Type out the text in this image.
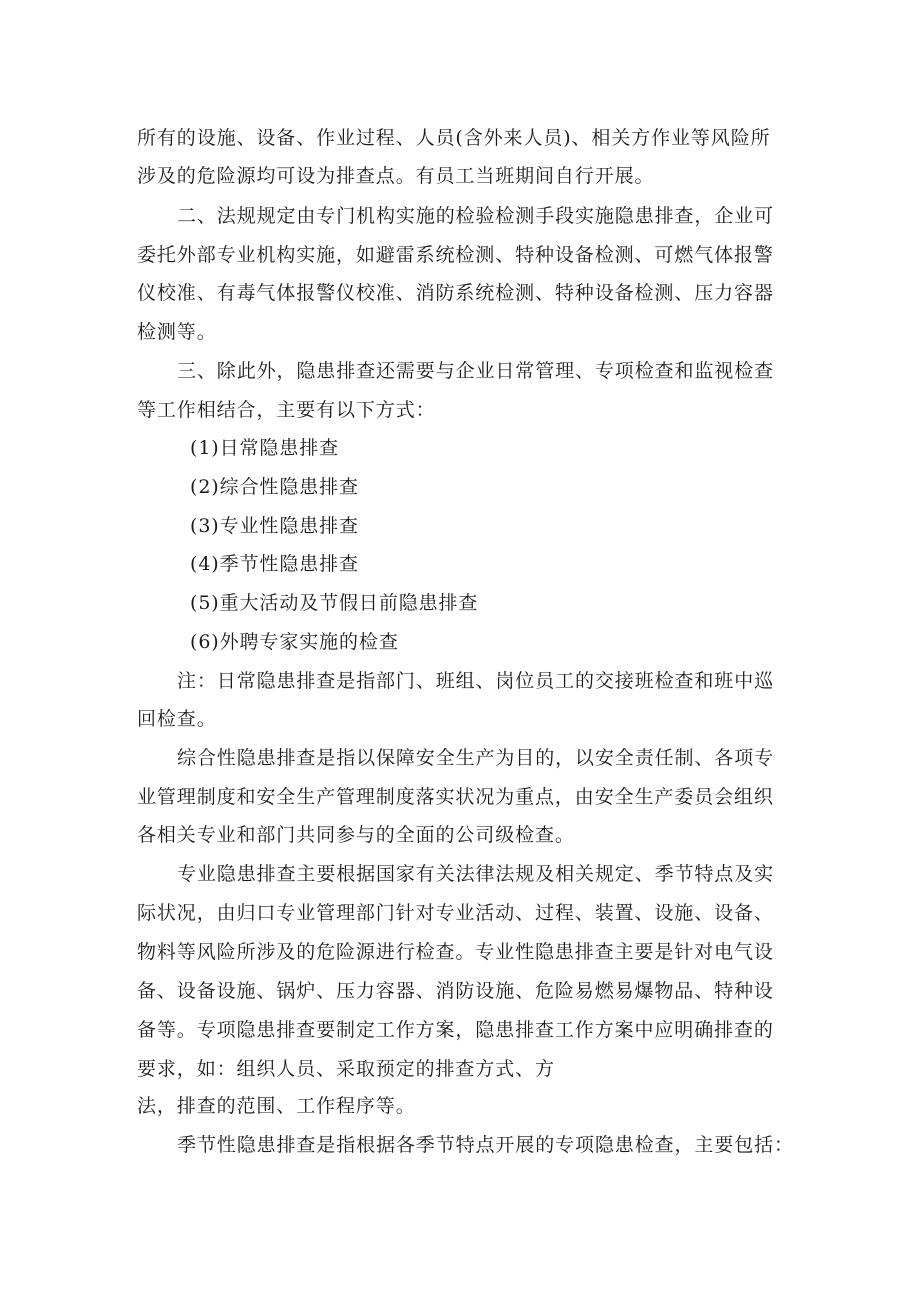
所有的设施、设备、作业过程、人员(含外来人员)、相关方作业等风险所
涉及的危险源均可设为排查点。有员工当班期间自行开展。
二、法规规定由专门机构实施的检验检测手段实施隐患排查，企业可
委托外部专业机构实施，如避雷系统检测、特种设备检测、可燃气体报警
仪校准、有毒气体报警仪校准、消防系统检测、特种设备检测、压力容器
检测等。
三、除此外，隐患排查还需要与企业日常管理、专项检查和监视检查
等工作相结合，主要有以下方式：
(1)日常隐患排查
(2)综合性隐患排查
(3)专业性隐患排查
(4)季节性隐患排查
(5)重大活动及节假日前隐患排查
(6)外聘专家实施的检查
注：日常隐患排查是指部门、班组、岗位员工的交接班检查和班中巡
回检查。
综合性隐患排查是指以保障安全生产为目的，以安全责任制、各项专
业管理制度和安全生产管理制度落实状况为重点，由安全生产委员会组织
各相关专业和部门共同参与的全面的公司级检查。
专业隐患排查主要根据国家有关法律法规及相关规定、季节特点及实
际状况，由归口专业管理部门针对专业活动、过程、装置、设施、设备、
物料等风险所涉及的危险源进行检查。专业性隐患排查主要是针对电气设
备、设备设施、锅炉、压力容器、消防设施、危险易燃易爆物品、特种设
备等。专项隐患排查要制定工作方案，隐患排查工作方案中应明确排查的
要求，如：组织人员、采取预定的排查方式、方
法，排查的范围、工作程序等。
季节性隐患排查是指根据各季节特点开展的专项隐患检查，主要包括：
